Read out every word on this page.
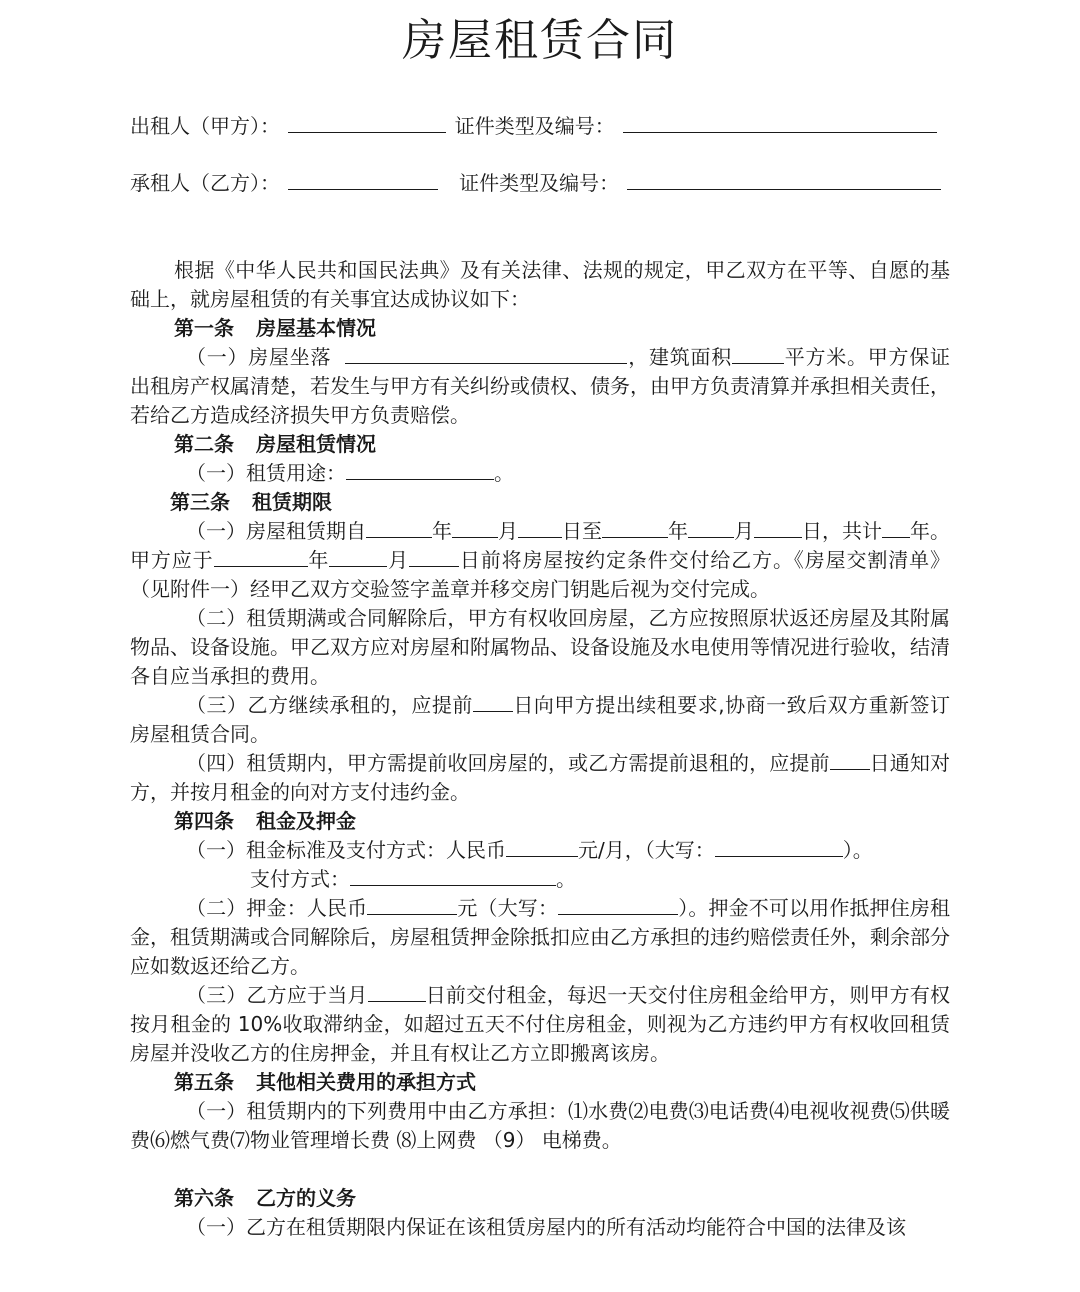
房屋租赁合同
出租人（甲方）：	证件类型及编号：
承租人（乙方）：	证件类型及编号：

根据《中华人民共和国民法典》及有关法律、法规的规定，甲乙双方在平等、自愿的基础上，就房屋租赁的有关事宜达成协议如下：

第一条 房屋基本情况

（一）房屋坐落	，建筑面积	平方米。甲方保证出租房产权属清楚，若发生与甲方有关纠纷或债权、债务，由甲方负责清算并承担相关责任，若给乙方造成经济损失甲方负责赔偿。

第二条 房屋租赁情况

（一）租赁用途：	。

第三条 租赁期限

（一）房屋租赁期自	年 月 日至	年 月 日，共计 年。甲方应于	年	月	日前将房屋按约定条件交付给乙方。《房屋交割清单》（见附件一）经甲乙双方交验签字盖章并移交房门钥匙后视为交付完成。

（二）租赁期满或合同解除后，甲方有权收回房屋，乙方应按照原状返还房屋及其附属物品、设备设施。甲乙双方应对房屋和附属物品、设备设施及水电使用等情况进行验收，结清各自应当承担的费用。

（三）乙方继续承租的，应提前 日向甲方提出续租要求,协商一致后双方重新签订房屋租赁合同。

（四）租赁期内，甲方需提前收回房屋的，或乙方需提前退租的，应提前 日通知对方，并按月租金的向对方支付违约金。

第四条 租金及押金

（一）租金标准及支付方式：人民币	元/月，（大写：	）。

支付方式：	。

（二）押金：人民币	元（大写：	）。押金不可以用作抵押住房租金，租赁期满或合同解除后，房屋租赁押金除抵扣应由乙方承担的违约赔偿责任外，剩余部分应如数返还给乙方。

（三）乙方应于当月	日前交付租金，每迟一天交付住房租金给甲方，则甲方有权按月租金的 10%收取滞纳金，如超过五天不付住房租金，则视为乙方违约甲方有权收回租赁房屋并没收乙方的住房押金，并且有权让乙方立即搬离该房。

第五条 其他相关费用的承担方式

（一）租赁期内的下列费用中由乙方承担：⑴水费⑵电费⑶电话费⑷电视收视费⑸供暖费⑹燃气费⑺物业管理增长费 ⑻上网费 （9） 电梯费。

第六条 乙方的义务

（一）乙方在租赁期限内保证在该租赁房屋内的所有活动均能符合中国的法律及该
